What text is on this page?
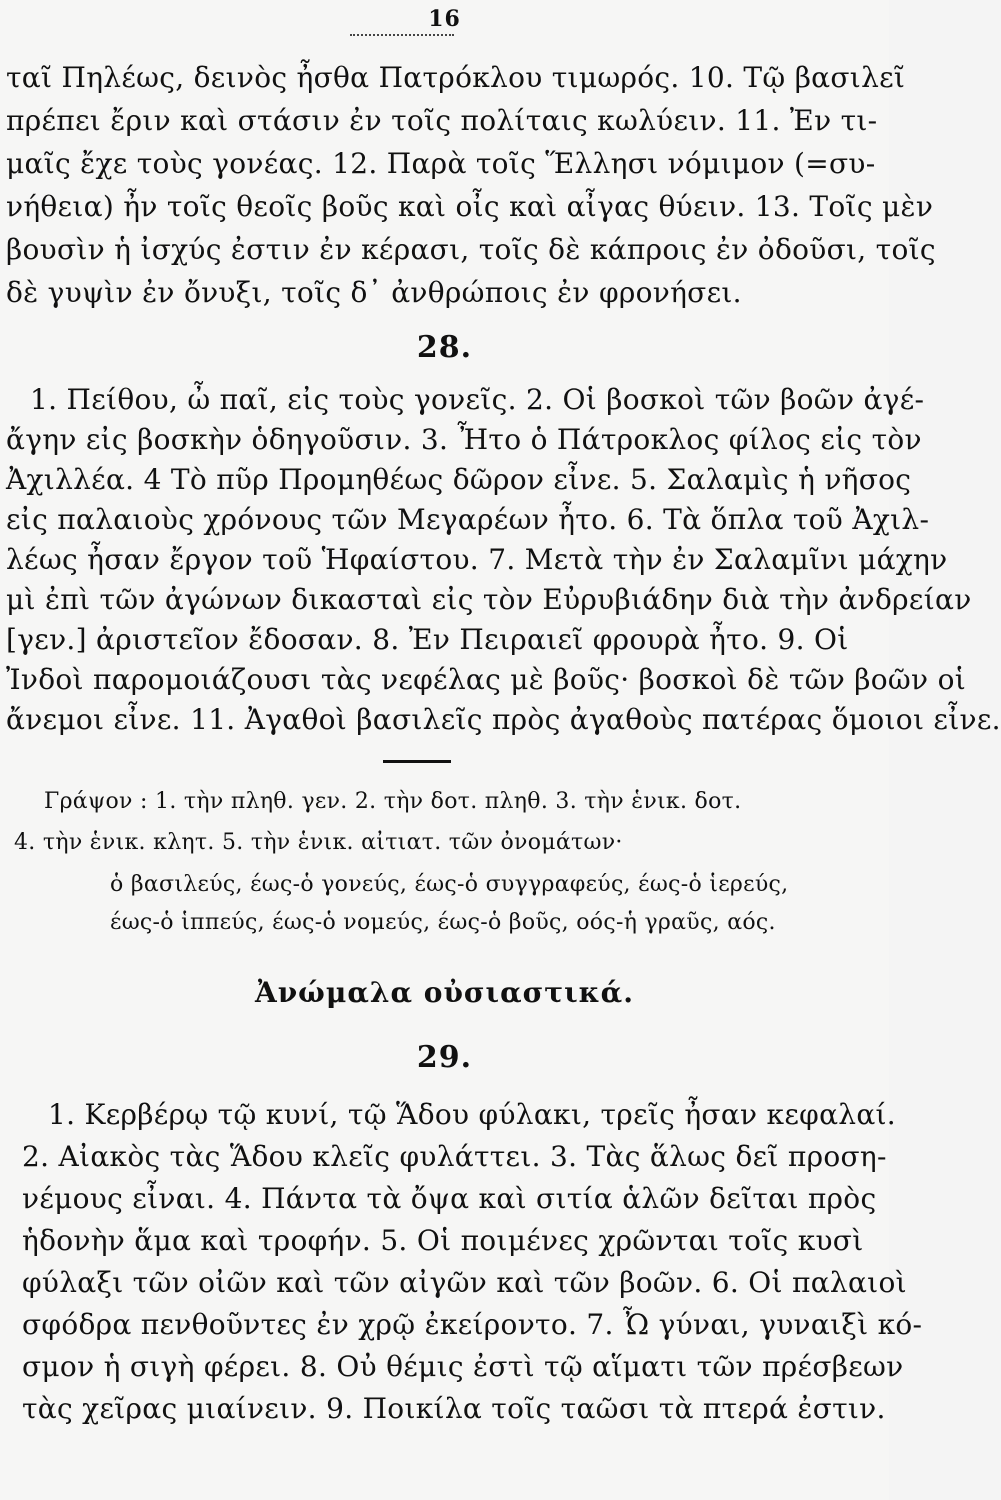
16
ταῖ Πηλέως, δεινὸς ἦσθα Πατρόκλου τιμωρός. 10. Τῷ βασιλεῖ
πρέπει ἔριν καὶ στάσιν ἐν τοῖς πολίταις κωλύειν. 11. Ἐν τι-
μαῖς ἔχε τοὺς γονέας. 12. Παρὰ τοῖς Ἕλλησι νόμιμον (=συ-
νήθεια) ἦν τοῖς θεοῖς βοῦς καὶ οἶς καὶ αἶγας θύειν. 13. Τοῖς μὲν
βουσὶν ἡ ἰσχύς ἐστιν ἐν κέρασι, τοῖς δὲ κάπροις ἐν ὀδοῦσι, τοῖς
δὲ γυψὶν ἐν ὄνυξι, τοῖς δ᾽ ἀνθρώποις ἐν φρονήσει.
28.
1. Πείθου, ὦ παῖ, εἰς τοὺς γονεῖς. 2. Οἱ βοσκοὶ τῶν βοῶν ἀγέ-
ἄγην εἰς βοσκὴν ὁδηγοῦσιν. 3. Ἦτο ὁ Πάτροκλος φίλος εἰς τὸν
Ἀχιλλέα. 4 Τὸ πῦρ Προμηθέως δῶρον εἶνε. 5. Σαλαμὶς ἡ νῆσος
εἰς παλαιοὺς χρόνους τῶν Μεγαρέων ἦτο. 6. Τὰ ὅπλα τοῦ Ἀχιλ-
λέως ἦσαν ἔργον τοῦ Ἡφαίστου. 7. Μετὰ τὴν ἐν Σαλαμῖνι μάχην
μὶ ἐπὶ τῶν ἀγώνων δικασταὶ εἰς τὸν Εὐρυβιάδην διὰ τὴν ἀνδρείαν
[γεν.] ἀριστεῖον ἔδοσαν. 8. Ἐν Πειραιεῖ φρουρὰ ἦτο. 9. Οἱ
Ἰνδοὶ παρομοιάζουσι τὰς νεφέλας μὲ βοῦς· βοσκοὶ δὲ τῶν βοῶν οἱ
ἄνεμοι εἶνε. 11. Ἀγαθοὶ βασιλεῖς πρὸς ἀγαθοὺς πατέρας ὅμοιοι εἶνε.
Γράψον : 1. τὴν πληθ. γεν. 2. τὴν δοτ. πληθ. 3. τὴν ἑνικ. δοτ.
4. τὴν ἑνικ. κλητ. 5. τὴν ἑνικ. αἰτιατ. τῶν ὀνομάτων·
ὁ βασιλεύς, έως-ὁ γονεύς, έως-ὁ συγγραφεύς, έως-ὁ ἱερεύς,
έως-ὁ ἱππεύς, έως-ὁ νομεύς, έως-ὁ βοῦς, οός-ἡ γραῦς, αός.
Ἀνώμαλα οὐσιαστικά.
29.
1. Κερβέρῳ τῷ κυνί, τῷ Ἅδου φύλακι, τρεῖς ἦσαν κεφαλαί.
2. Αἰακὸς τὰς Ἅδου κλεῖς φυλάττει. 3. Τὰς ἅλως δεῖ προση-
νέμους εἶναι. 4. Πάντα τὰ ὄψα καὶ σιτία ἁλῶν δεῖται πρὸς
ἡδονὴν ἅμα καὶ τροφήν. 5. Οἱ ποιμένες χρῶνται τοῖς κυσὶ
φύλαξι τῶν οἰῶν καὶ τῶν αἰγῶν καὶ τῶν βοῶν. 6. Οἱ παλαιοὶ
σφόδρα πενθοῦντες ἐν χρῷ ἐκείροντο. 7. Ὦ γύναι, γυναιξὶ κό-
σμον ἡ σιγὴ φέρει. 8. Οὐ θέμις ἐστὶ τῷ αἵματι τῶν πρέσβεων
τὰς χεῖρας μιαίνειν. 9. Ποικίλα τοῖς ταῶσι τὰ πτερά ἐστιν.
